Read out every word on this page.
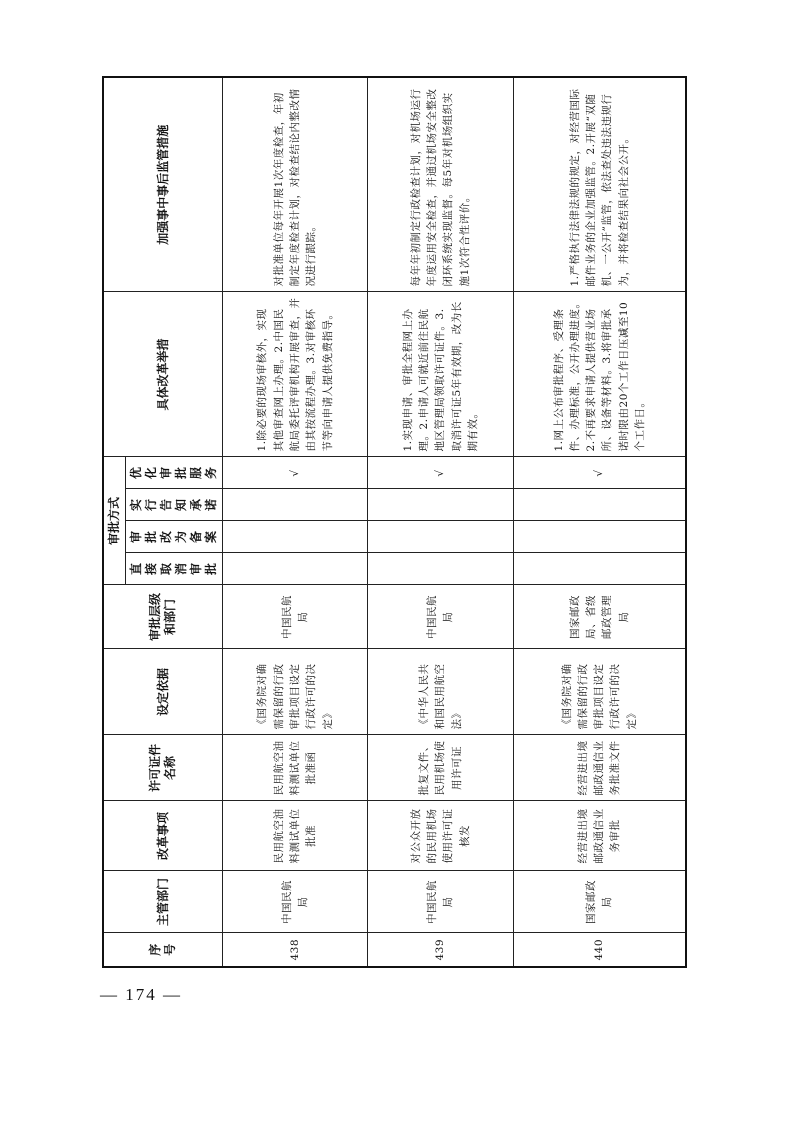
序号	主管部门	改革事项	许可证件名称	设定依据	审批层级和部门	审批方式				具体改革举措	加强事中事后监管措施
						直接取消审批	审批改为备案	实行告知承诺	优化审批服务		
438	中国民航局	民用航空油料测试单位批准	民用航空油料测试单位批准函	《国务院对确需保留的行政审批项目设定行政许可的决定》	中国民航局				√	1.除必要的现场审核外，实现其他审查网上办理。2.中国民航局委托评审机构开展审查，并由其按流程办理。3.对审核环节等向申请人提供免费指导。	对批准单位每年开展1次年度检查，年初制定年度检查计划，对检查结论内整改情况进行跟踪。
439	中国民航局	对公众开放的民用机场使用许可证核发	批复文件、民用机场使用许可证	《中华人民共和国民用航空法》	中国民航局				√	1.实现申请、审批全程网上办理。2.申请人可就近前往民航地区管理局领取许可证件。3.取消许可证5年有效期，改为长期有效。	每年年初制定行政检查计划，对机场运行年度运用安全检查，并通过机场安全整改闭环系统实现监督。每5年对机场组织实施1次符合性评价。
440	国家邮政局	经营进出境邮政通信业务审批	经营进出境邮政通信业务批准文件	《国务院对确需保留的行政审批项目设定行政许可的决定》	国家邮政局、省级邮政管理局				√	1.网上公布审批程序、受理条件、办理标准，公开办理进度。2.不再要求申请人提供营业场所、设备等材料。3.将审批承诺时限由20个工作日压减至10个工作日。	1.严格执行法律法规的规定，对经营国际邮件业务的企业加强监管。2.开展“双随机、一公开”监管，依法查处违法违规行为，并将检查结果向社会公开。
— 174 —
